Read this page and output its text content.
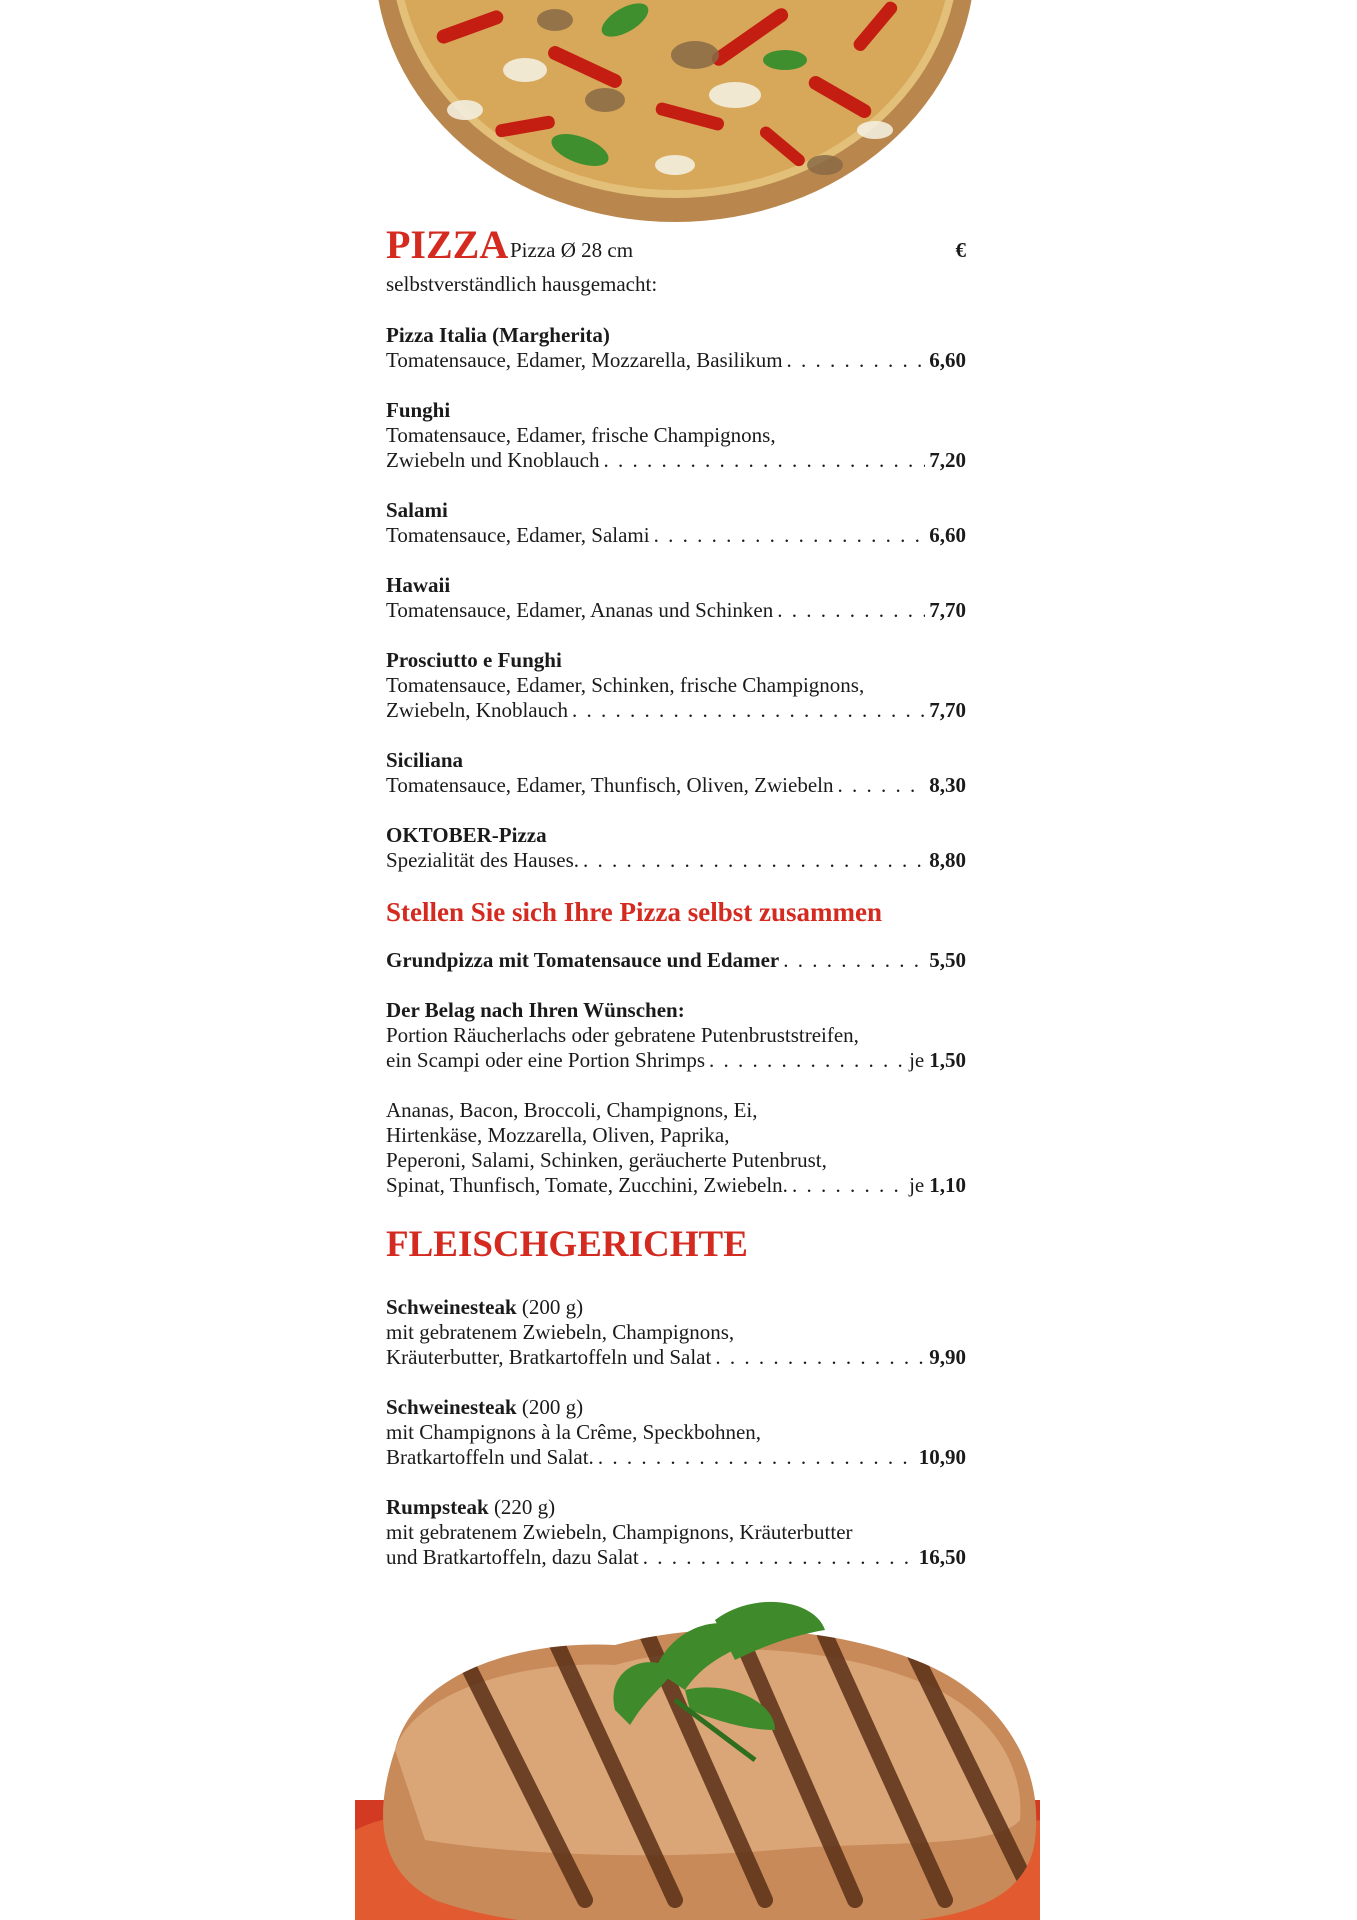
PIZZA Pizza Ø 28 cm	€
selbstverständlich hausgemacht:
Pizza Italia (Margherita)
Tomatensauce, Edamer, Mozzarella, Basilikum . . .	6,60
Funghi
Tomatensauce, Edamer, frische Champignons,
Zwiebeln und Knoblauch . . .	7,20
Salami
Tomatensauce, Edamer, Salami . . .	6,60
Hawaii
Tomatensauce, Edamer, Ananas und Schinken . . .	7,70
Prosciutto e Funghi
Tomatensauce, Edamer, Schinken, frische Champignons,
Zwiebeln, Knoblauch . . .	7,70
Siciliana
Tomatensauce, Edamer, Thunfisch, Oliven, Zwiebeln . . .	8,30
OKTOBER-Pizza
Spezialität des Hauses. . . .	8,80
Stellen Sie sich Ihre Pizza selbst zusammen
Grundpizza mit Tomatensauce und Edamer . . .	5,50
Der Belag nach Ihren Wünschen:
Portion Räucherlachs oder gebratene Putenbruststreifen,
ein Scampi oder eine Portion Shrimps . . .	je 1,50
Ananas, Bacon, Broccoli, Champignons, Ei,
Hirtenkäse, Mozzarella, Oliven, Paprika,
Peperoni, Salami, Schinken, geräucherte Putenbrust,
Spinat, Thunfisch, Tomate, Zucchini, Zwiebeln. . . .	je 1,10
FLEISCHGERICHTE
Schweinesteak (200 g)
mit gebratenem Zwiebeln, Champignons,
Kräuterbutter, Bratkartoffeln und Salat . . .	9,90
Schweinesteak (200 g)
mit Champignons à la Crême, Speckbohnen,
Bratkartoffeln und Salat. . . .	10,90
Rumpsteak (220 g)
mit gebratenem Zwiebeln, Champignons, Kräuterbutter
und Bratkartoffeln, dazu Salat . . .	16,50
